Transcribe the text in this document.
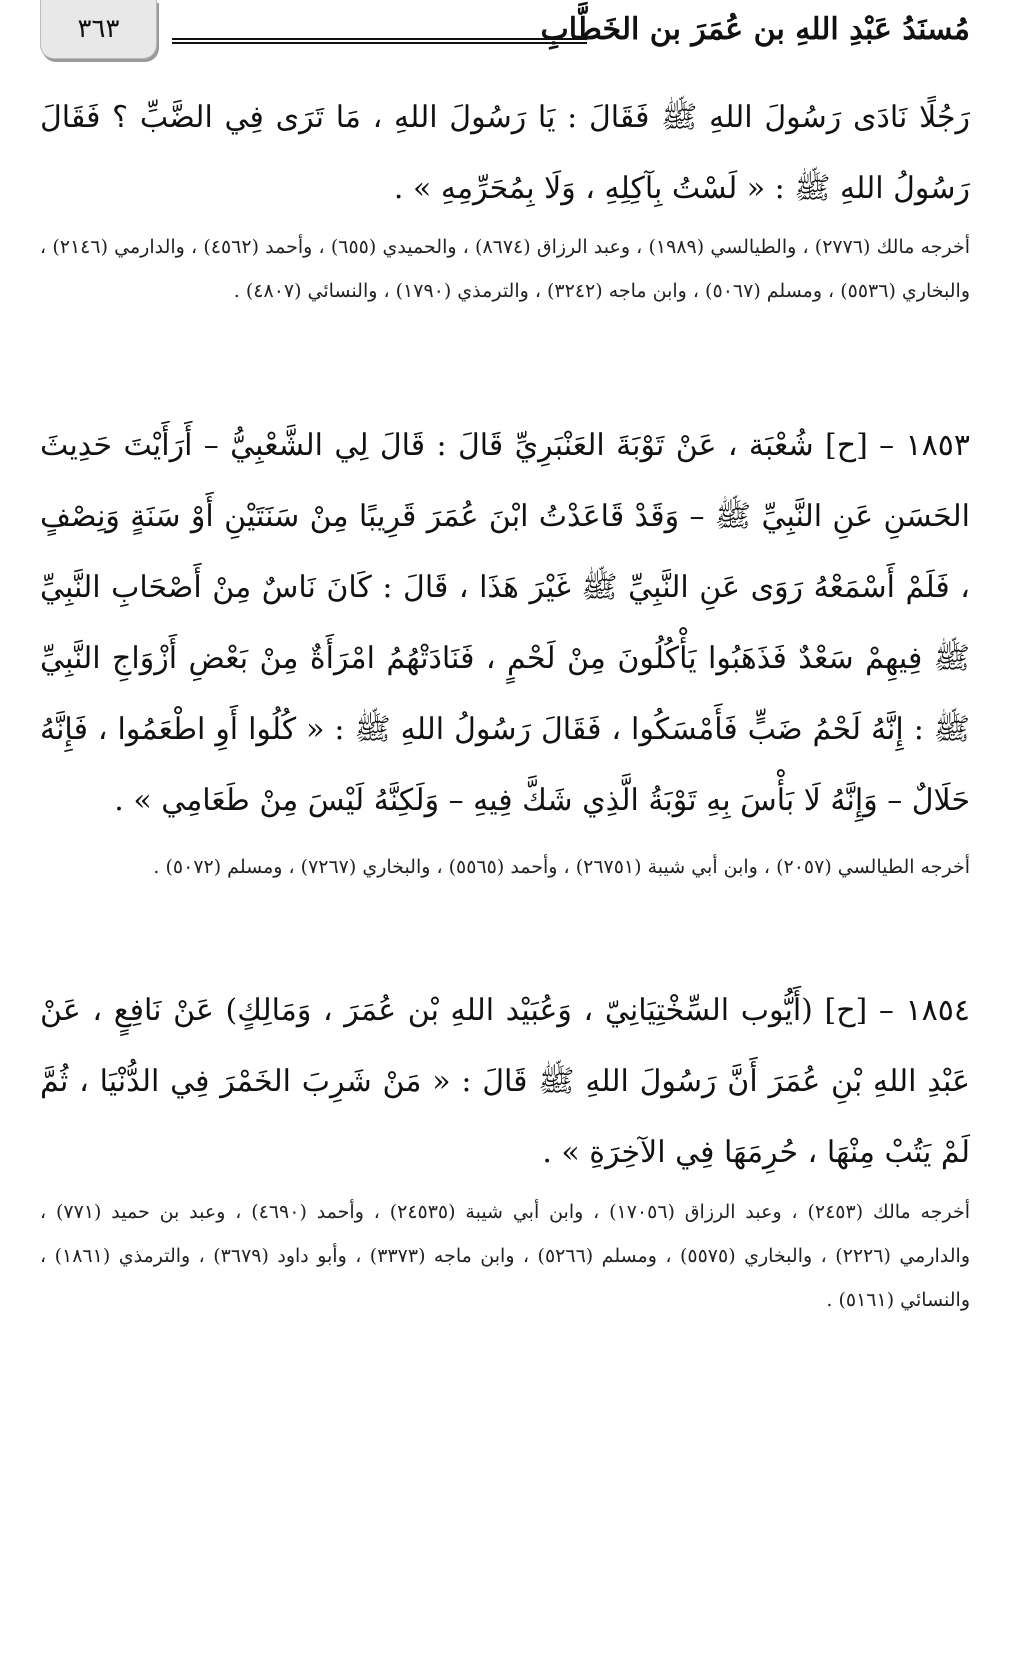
مُسنَدُ عَبْدِ اللهِ بن عُمَرَ بن الخَطَّابِ
٣٦٣
رَجُلًا نَادَى رَسُولَ اللهِ ﷺ فَقَالَ : يَا رَسُولَ اللهِ ، مَا تَرَى فِي الضَّبِّ ؟ فَقَالَ رَسُولُ اللهِ ﷺ : « لَسْتُ بِآكِلِهِ ، وَلَا بِمُحَرِّمِهِ » .
أخرجه مالك (٢٧٧٦) ، والطيالسي (١٩٨٩) ، وعبد الرزاق (٨٦٧٤) ، والحميدي (٦٥٥) ، وأحمد (٤٥٦٢) ، والدارمي (٢١٤٦) ، والبخاري (٥٥٣٦) ، ومسلم (٥٠٦٧) ، وابن ماجه (٣٢٤٢) ، والترمذي (١٧٩٠) ، والنسائي (٤٨٠٧) .
١٨٥٣ – [ح] شُعْبَة ، عَنْ تَوْبَةَ العَنْبَرِيِّ قَالَ : قَالَ لِي الشَّعْبِيُّ – أَرَأَيْتَ حَدِيثَ الحَسَنِ عَنِ النَّبِيِّ ﷺ – وَقَدْ قَاعَدْتُ ابْنَ عُمَرَ قَرِيبًا مِنْ سَنَتَيْنِ أَوْ سَنَةٍ وَنِصْفٍ ، فَلَمْ أَسْمَعْهُ رَوَى عَنِ النَّبِيِّ ﷺ غَيْرَ هَذَا ، قَالَ : كَانَ نَاسٌ مِنْ أَصْحَابِ النَّبِيِّ ﷺ فِيهِمْ سَعْدٌ فَذَهَبُوا يَأْكُلُونَ مِنْ لَحْمٍ ، فَنَادَتْهُمُ امْرَأَةٌ مِنْ بَعْضِ أَزْوَاجِ النَّبِيِّ ﷺ : إِنَّهُ لَحْمُ ضَبٍّ فَأَمْسَكُوا ، فَقَالَ رَسُولُ اللهِ ﷺ : « كُلُوا أَوِ اطْعَمُوا ، فَإِنَّهُ حَلَالٌ – وَإِنَّهُ لَا بَأْسَ بِهِ تَوْبَةُ الَّذِي شَكَّ فِيهِ – وَلَكِنَّهُ لَيْسَ مِنْ طَعَامِي » .
أخرجه الطيالسي (٢٠٥٧) ، وابن أبي شيبة (٢٦٧٥١) ، وأحمد (٥٥٦٥) ، والبخاري (٧٢٦٧) ، ومسلم (٥٠٧٢) .
١٨٥٤ – [ح] (أَيُّوب السِّخْتِيَانِيّ ، وَعُبَيْد اللهِ بْن عُمَرَ ، وَمَالِكٍ) عَنْ نَافِعٍ ، عَنْ عَبْدِ اللهِ بْنِ عُمَرَ أَنَّ رَسُولَ اللهِ ﷺ قَالَ : « مَنْ شَرِبَ الخَمْرَ فِي الدُّنْيَا ، ثُمَّ لَمْ يَتُبْ مِنْهَا ، حُرِمَهَا فِي الآخِرَةِ » .
أخرجه مالك (٢٤٥٣) ، وعبد الرزاق (١٧٠٥٦) ، وابن أبي شيبة (٢٤٥٣٥) ، وأحمد (٤٦٩٠) ، وعبد بن حميد (٧٧١) ، والدارمي (٢٢٢٦) ، والبخاري (٥٥٧٥) ، ومسلم (٥٢٦٦) ، وابن ماجه (٣٣٧٣) ، وأبو داود (٣٦٧٩) ، والترمذي (١٨٦١) ، والنسائي (٥١٦١) .
